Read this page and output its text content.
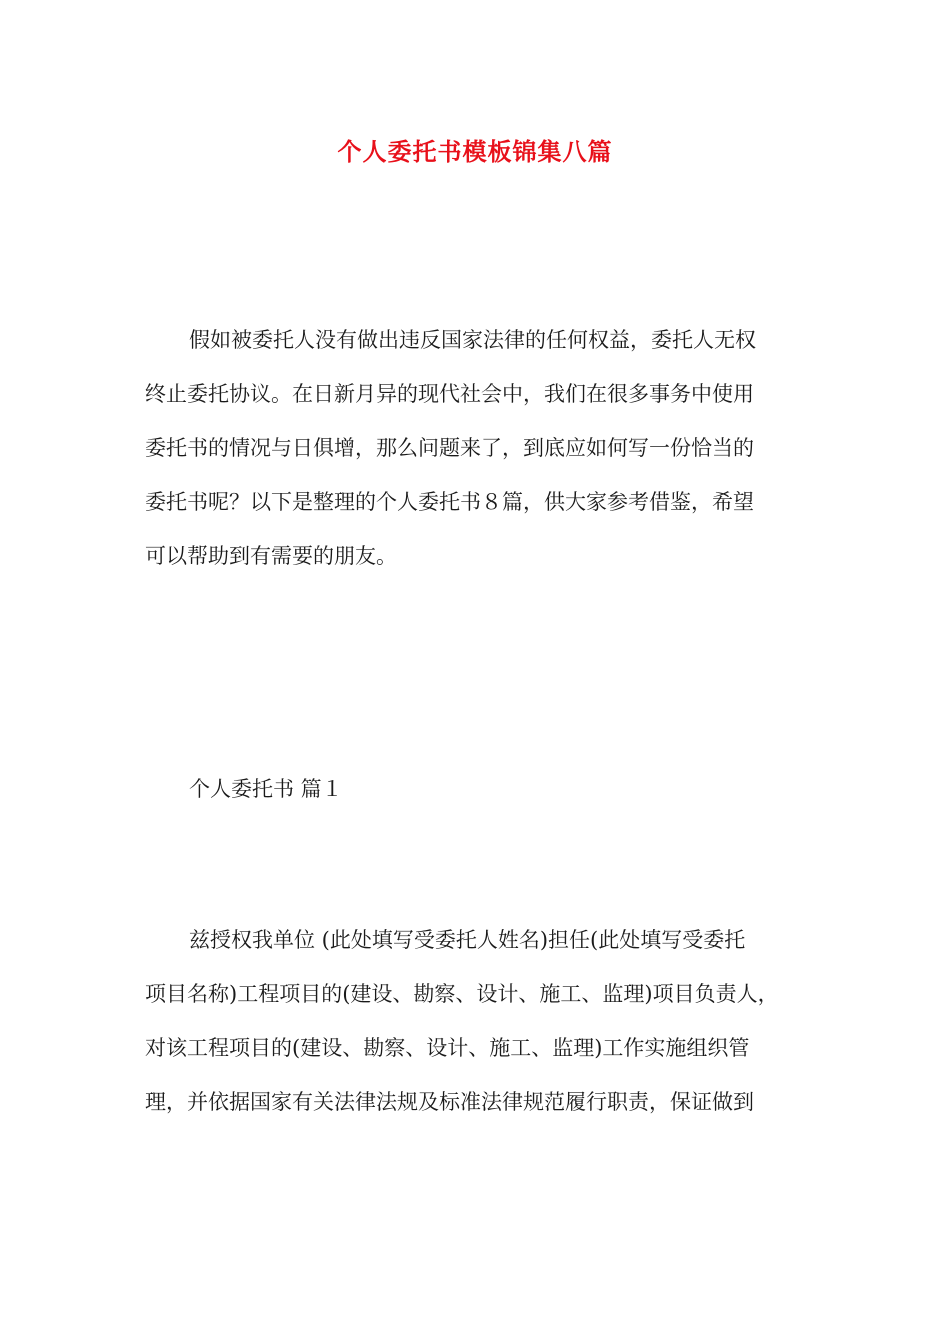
个人委托书模板锦集八篇
假如被委托人没有做出违反国家法律的任何权益，委托人无权
终止委托协议。在日新月异的现代社会中，我们在很多事务中使用
委托书的情况与日俱增，那么问题来了，到底应如何写一份恰当的
委托书呢？以下是整理的个人委托书８篇，供大家参考借鉴，希望
可以帮助到有需要的朋友。
个人委托书 篇１
兹授权我单位 (此处填写受委托人姓名)担任(此处填写受委托
项目名称)工程项目的(建设、勘察、设计、施工、监理)项目负责人，
对该工程项目的(建设、勘察、设计、施工、监理)工作实施组织管
理，并依据国家有关法律法规及标准法律规范履行职责，保证做到
